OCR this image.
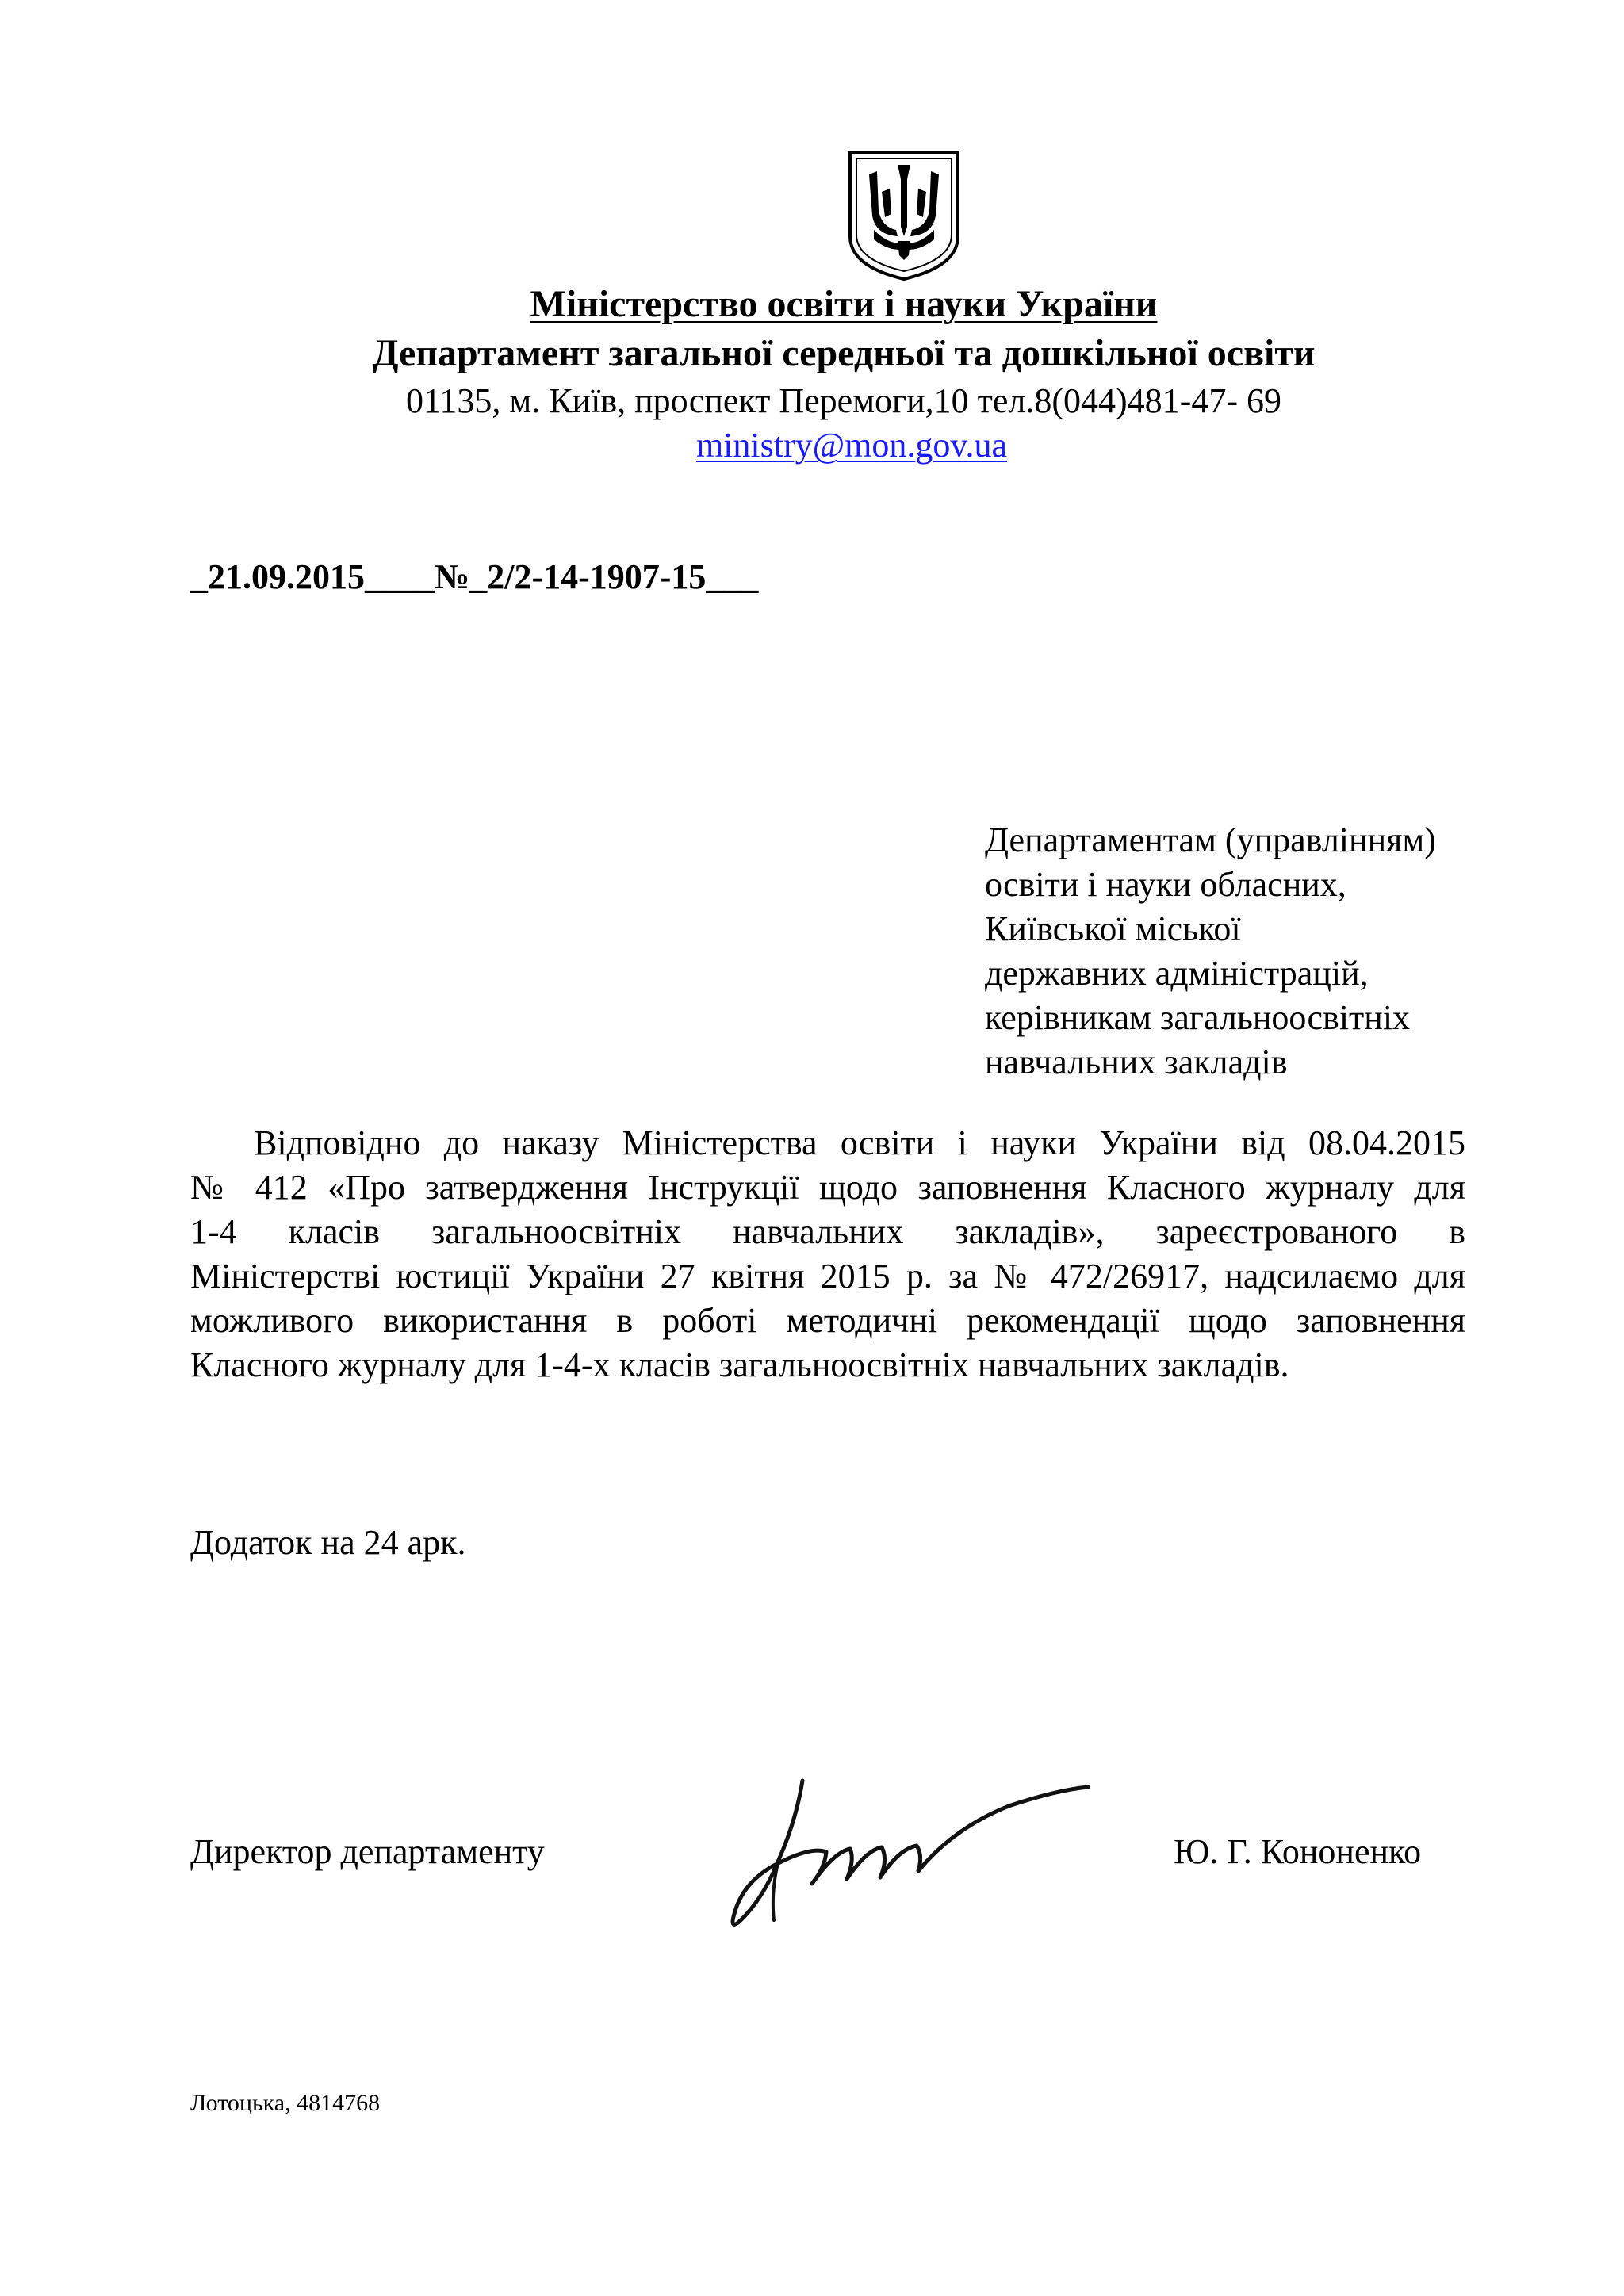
Міністерство освіти і науки України
Департамент загальної середньої та дошкільної освіти
01135, м. Київ, проспект Перемоги,10 тел.8(044)481-47- 69
ministry@mon.gov.ua
_21.09.2015____№_2/2-14-1907-15___
Департаментам (управлінням)
освіти і науки обласних,
Київської міської
державних адміністрацій,
керівникам загальноосвітніх
навчальних закладів
Відповідно до наказу Міністерства освіти і науки України від 08.04.2015
№ 412 «Про затвердження Інструкції щодо заповнення Класного журналу для
1-4 класів загальноосвітніх навчальних закладів», зареєстрованого в
Міністерстві юстиції України 27 квітня 2015 р. за № 472/26917, надсилаємо для
можливого використання в роботі методичні рекомендації щодо заповнення
Класного журналу для 1-4-х класів загальноосвітніх навчальних закладів.
Додаток на 24 арк.
Директор департаменту	Ю. Г. Кононенко
Лотоцька, 4814768
